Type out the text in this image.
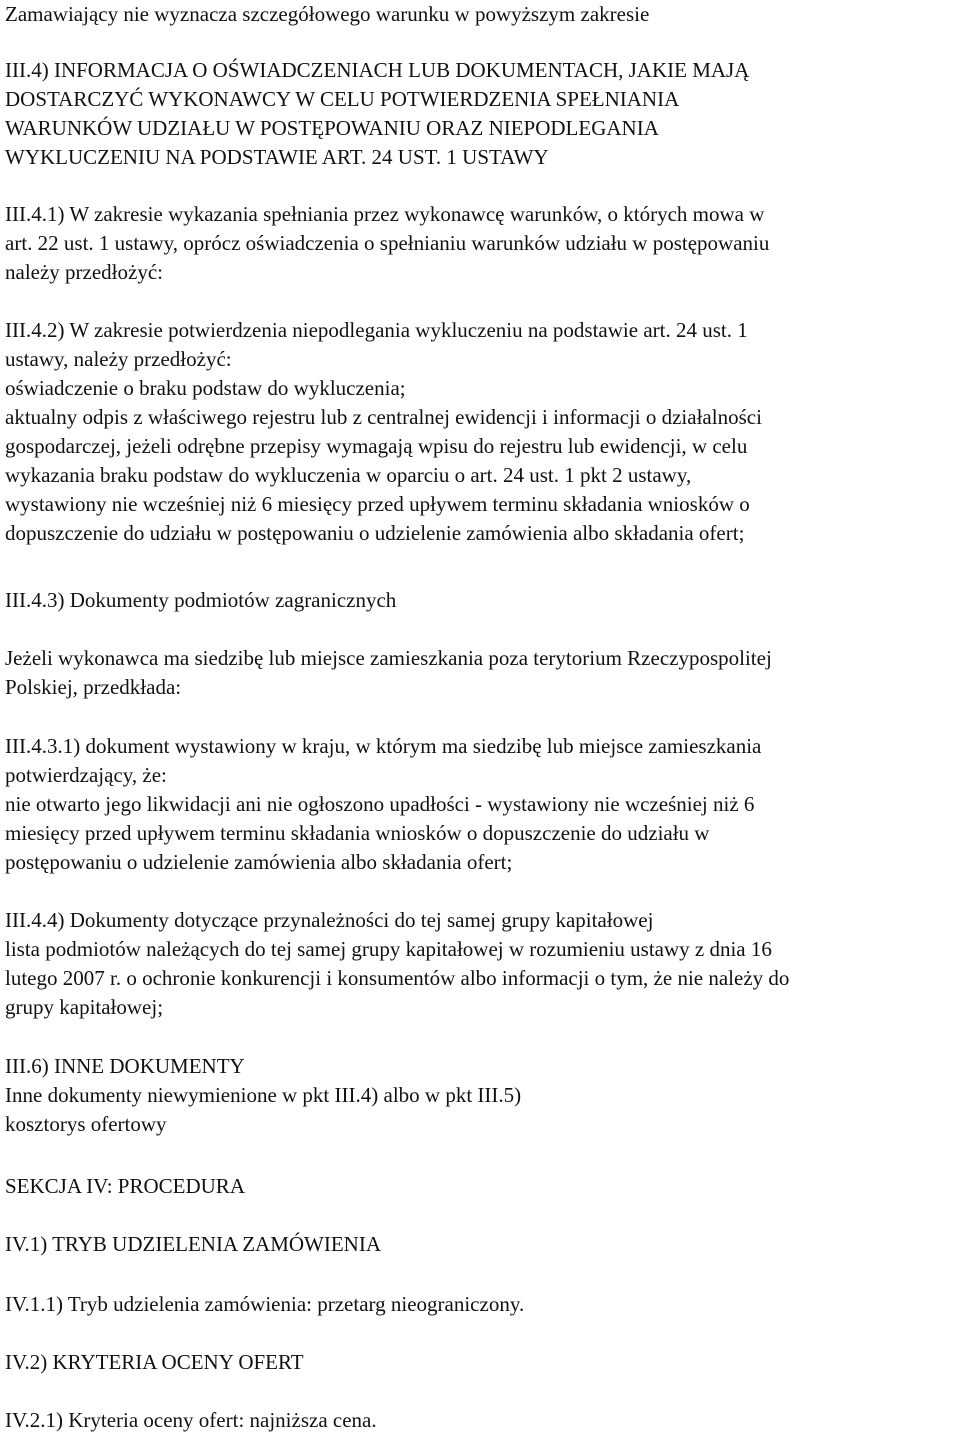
Zamawiający nie wyznacza szczegółowego warunku w powyższym zakresie
III.4) INFORMACJA O OŚWIADCZENIACH LUB DOKUMENTACH, JAKIE MAJĄ
DOSTARCZYĆ WYKONAWCY W CELU POTWIERDZENIA SPEŁNIANIA
WARUNKÓW UDZIAŁU W POSTĘPOWANIU ORAZ NIEPODLEGANIA
WYKLUCZENIU NA PODSTAWIE ART. 24 UST. 1 USTAWY
III.4.1) W zakresie wykazania spełniania przez wykonawcę warunków, o których mowa w
art. 22 ust. 1 ustawy, oprócz oświadczenia o spełnianiu warunków udziału w postępowaniu
należy przedłożyć:
III.4.2) W zakresie potwierdzenia niepodlegania wykluczeniu na podstawie art. 24 ust. 1
ustawy, należy przedłożyć:
oświadczenie o braku podstaw do wykluczenia;
aktualny odpis z właściwego rejestru lub z centralnej ewidencji i informacji o działalności
gospodarczej, jeżeli odrębne przepisy wymagają wpisu do rejestru lub ewidencji, w celu
wykazania braku podstaw do wykluczenia w oparciu o art. 24 ust. 1 pkt 2 ustawy,
wystawiony nie wcześniej niż 6 miesięcy przed upływem terminu składania wniosków o
dopuszczenie do udziału w postępowaniu o udzielenie zamówienia albo składania ofert;
III.4.3) Dokumenty podmiotów zagranicznych
Jeżeli wykonawca ma siedzibę lub miejsce zamieszkania poza terytorium Rzeczypospolitej
Polskiej, przedkłada:
III.4.3.1) dokument wystawiony w kraju, w którym ma siedzibę lub miejsce zamieszkania
potwierdzający, że:
nie otwarto jego likwidacji ani nie ogłoszono upadłości - wystawiony nie wcześniej niż 6
miesięcy przed upływem terminu składania wniosków o dopuszczenie do udziału w
postępowaniu o udzielenie zamówienia albo składania ofert;
III.4.4) Dokumenty dotyczące przynależności do tej samej grupy kapitałowej
lista podmiotów należących do tej samej grupy kapitałowej w rozumieniu ustawy z dnia 16
lutego 2007 r. o ochronie konkurencji i konsumentów albo informacji o tym, że nie należy do
grupy kapitałowej;
III.6) INNE DOKUMENTY
Inne dokumenty niewymienione w pkt III.4) albo w pkt III.5)
kosztorys ofertowy
SEKCJA IV: PROCEDURA
IV.1) TRYB UDZIELENIA ZAMÓWIENIA
IV.1.1) Tryb udzielenia zamówienia: przetarg nieograniczony.
IV.2) KRYTERIA OCENY OFERT
IV.2.1) Kryteria oceny ofert: najniższa cena.
